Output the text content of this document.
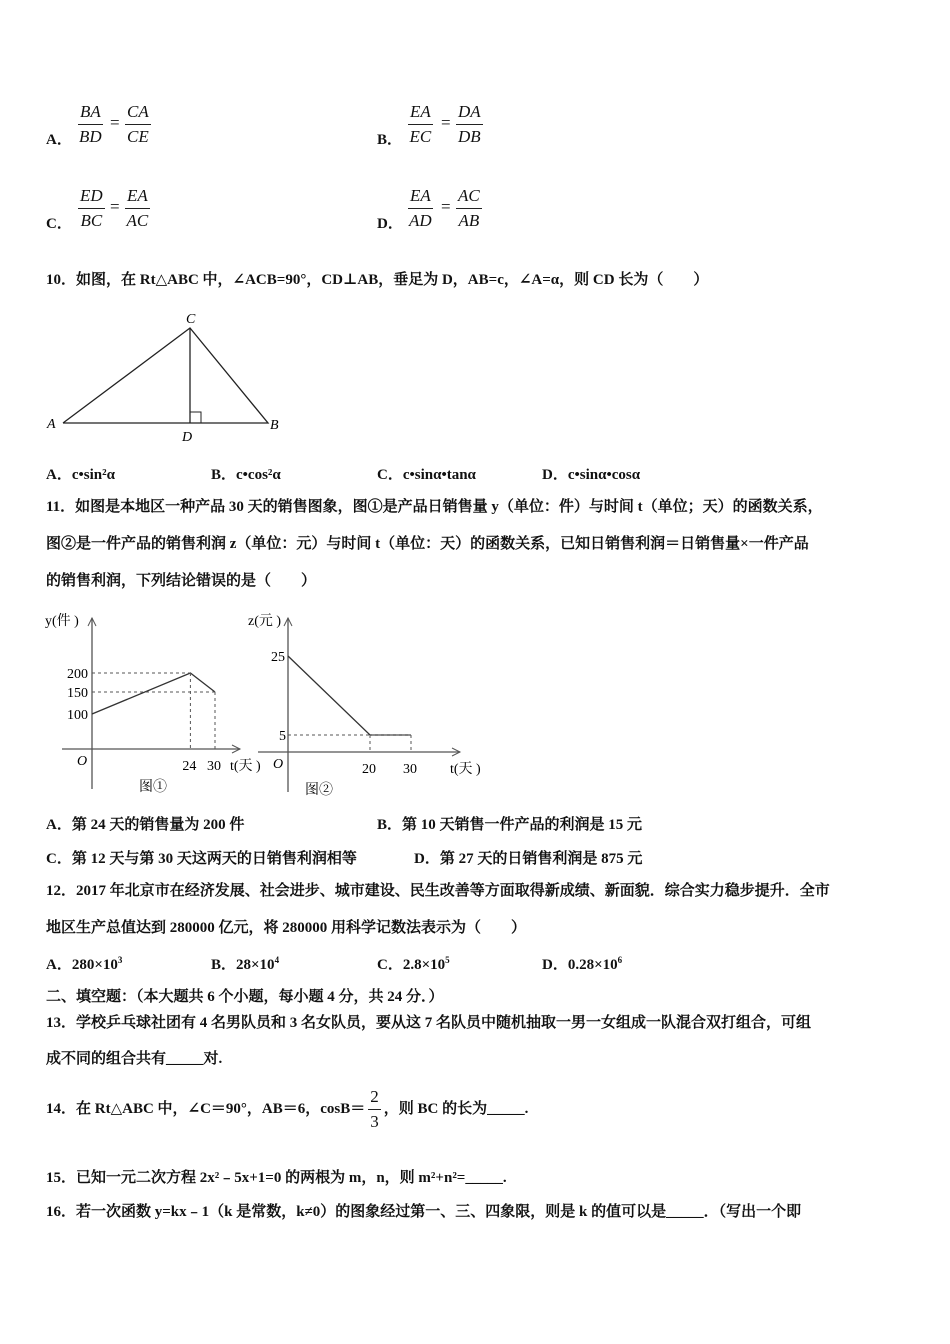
A． $\frac{BA}{BD} = \frac{CA}{CE}$	B． $\frac{EA}{EC} = \frac{DA}{DB}$
C． $\frac{ED}{BC} = \frac{EA}{AC}$	D． $\frac{EA}{AD} = \frac{AC}{AB}$
10．如图，在 Rt△ABC 中，∠ACB=90°，CD⊥AB，垂足为 D，AB=c，∠A=α，则 CD 长为（　　）
A	B
C
D
A．c•sin²α	B．c•cos²α	C．c•sinα•tanα	D．c•sinα•cosα
11．如图是本地区一种产品 30 天的销售图象，图①是产品日销售量 y（单位：件）与时间 t（单位；天）的函数关系，
图②是一件产品的销售利润 z（单位：元）与时间 t（单位：天）的函数关系，已知日销售利润＝日销售量×一件产品
的销售利润，下列结论错误的是（　　）
y(件 )
t(天 )
O
图①
200
150
100
24 30
z(元 )
t(天 )
O
图②
25
5
20 30
A．第 24 天的销售量为 200 件	B．第 10 天销售一件产品的利润是 15 元
C．第 12 天与第 30 天这两天的日销售利润相等	D．第 27 天的日销售利润是 875 元
12．2017 年北京市在经济发展、社会进步、城市建设、民生改善等方面取得新成绩、新面貌．综合实力稳步提升．全市
地区生产总值达到 280000 亿元，将 280000 用科学记数法表示为（　　）
A．$280\times 10^3$	B．$28\times 10^4$	C．$2.8\times 10^5$	D．$0.28\times 10^6$
二、填空题：（本大题共 6 个小题，每小题 4 分，共 24 分．）
13．学校乒乓球社团有 4 名男队员和 3 名女队员，要从这 7 名队员中随机抽取一男一女组成一队混合双打组合，可组
成不同的组合共有_____对.
14．在 Rt△ABC 中，∠C＝90°，AB＝6，$\cos B= \frac{2}{3}$ ，则 BC 的长为_____.
15．已知一元二次方程 2x²﹣5x+1=0 的两根为 m，n，则 m²+n²=_____.
16．若一次函数 y=kx﹣1（k 是常数，k≠0）的图象经过第一、三、四象限，则是 k 的值可以是_____．（写出一个即
